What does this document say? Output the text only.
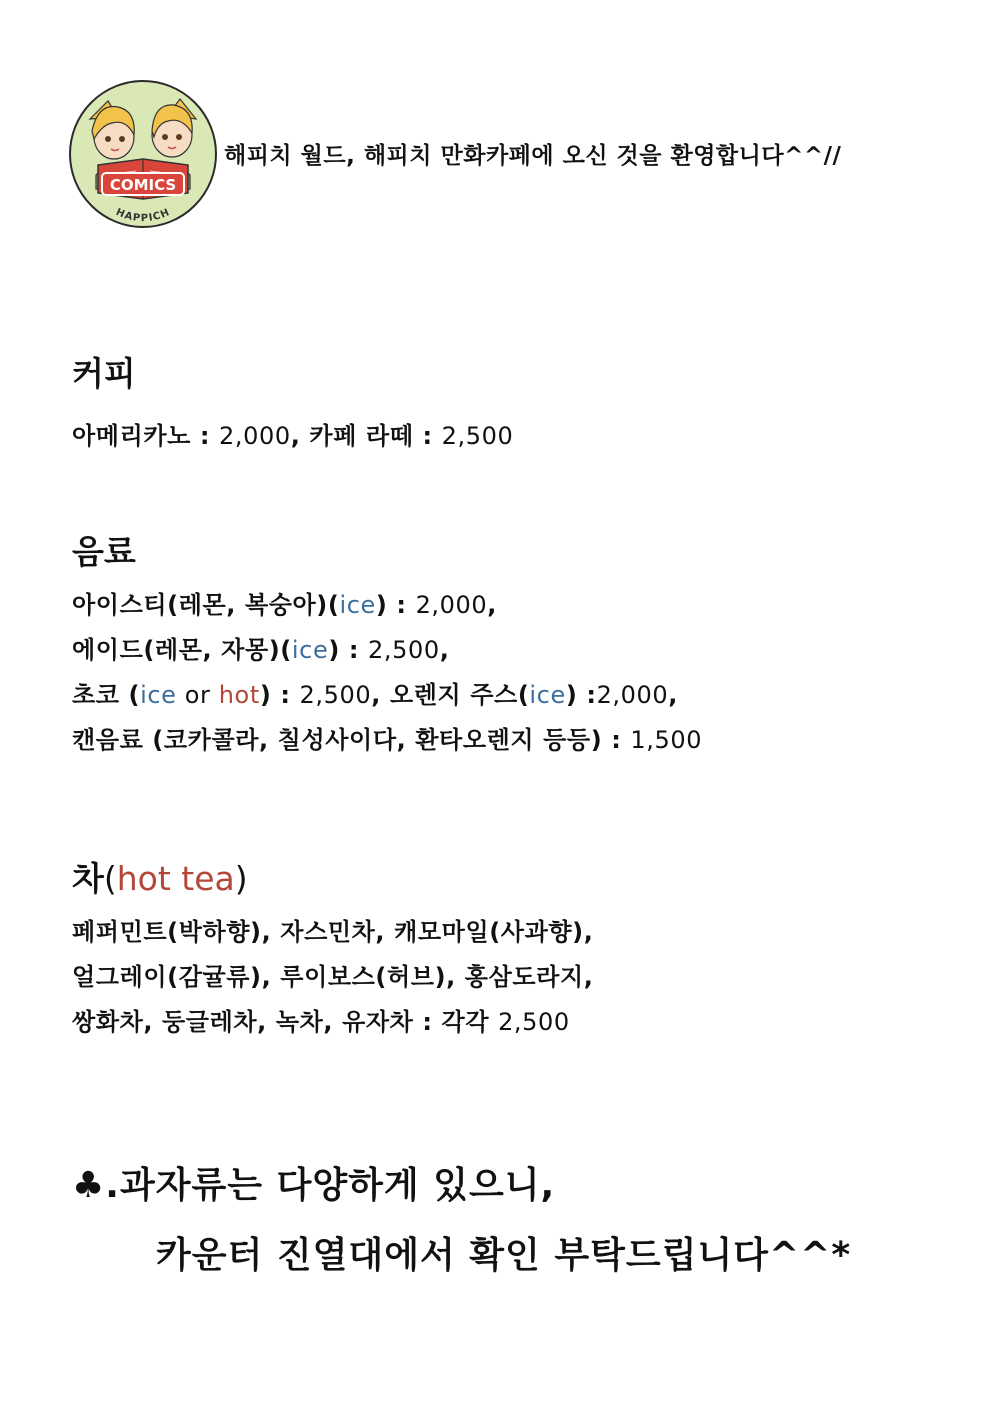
COMICS
HAPPICH
해피치 월드, 해피치 만화카페에 오신 것을 환영합니다^^//
커피
아메리카노 : 2,000, 카페 라떼 : 2,500
음료
아이스티(레몬, 복숭아)(ice) : 2,000,
에이드(레몬, 자몽)(ice) : 2,500,
초코 (ice or hot) : 2,500, 오렌지 주스(ice) :2,000,
캔음료 (코카콜라, 칠성사이다, 환타오렌지 등등) : 1,500
차(hot tea)
페퍼민트(박하향), 자스민차, 캐모마일(사과향),
얼그레이(감귤류), 루이보스(허브), 홍삼도라지,
쌍화차, 둥글레차, 녹차, 유자차 : 각각 2,500
♣.과자류는 다양하게 있으니,
카운터 진열대에서 확인 부탁드립니다^^*
